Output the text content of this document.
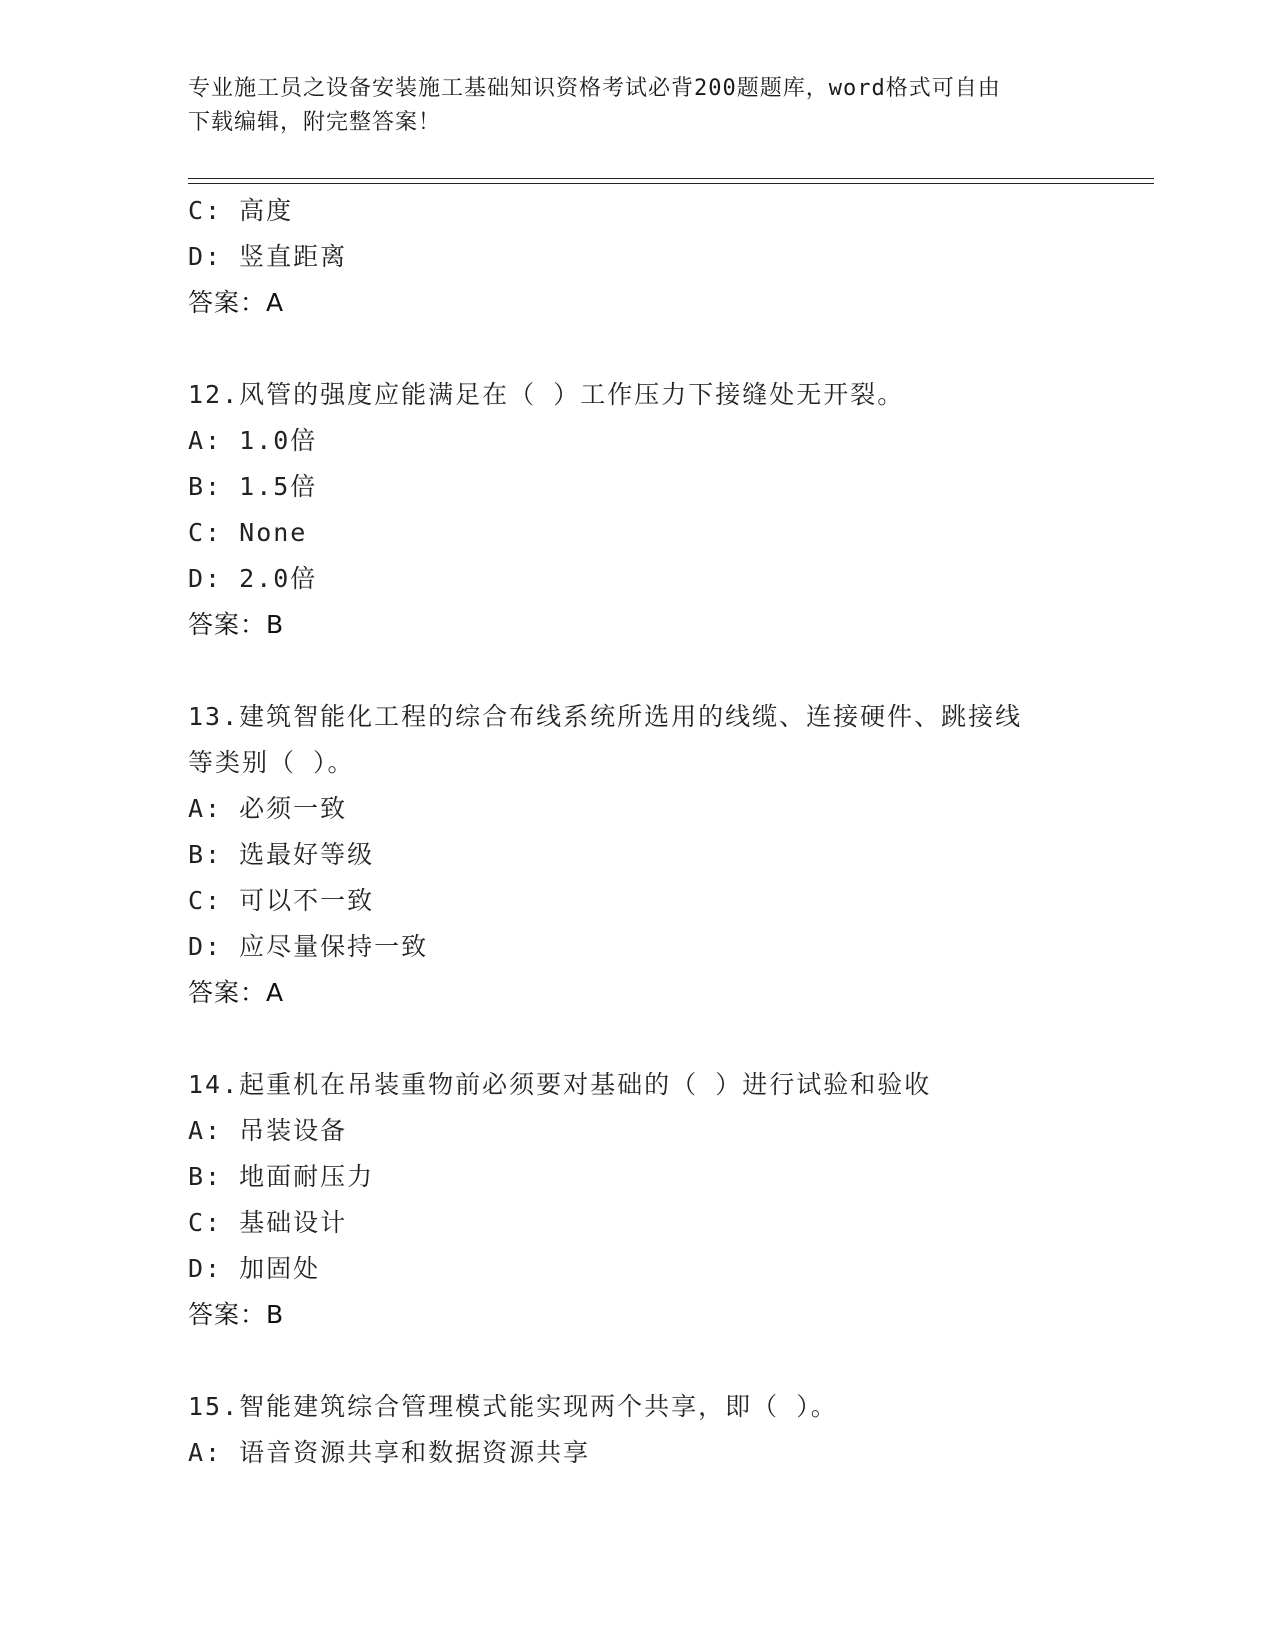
专业施工员之设备安装施工基础知识资格考试必背200题题库，word格式可自由
下载编辑，附完整答案！
C: 高度
D: 竖直距离
答案：A
12.风管的强度应能满足在（ ）工作压力下接缝处无开裂。
A: 1.0倍
B: 1.5倍
C: None
D: 2.0倍
答案：B
13.建筑智能化工程的综合布线系统所选用的线缆、连接硬件、跳接线
等类别（ ）。
A: 必须一致
B: 选最好等级
C: 可以不一致
D: 应尽量保持一致
答案：A
14.起重机在吊装重物前必须要对基础的（ ）进行试验和验收
A: 吊装设备
B: 地面耐压力
C: 基础设计
D: 加固处
答案：B
15.智能建筑综合管理模式能实现两个共享，即（ ）。
A: 语音资源共享和数据资源共享
